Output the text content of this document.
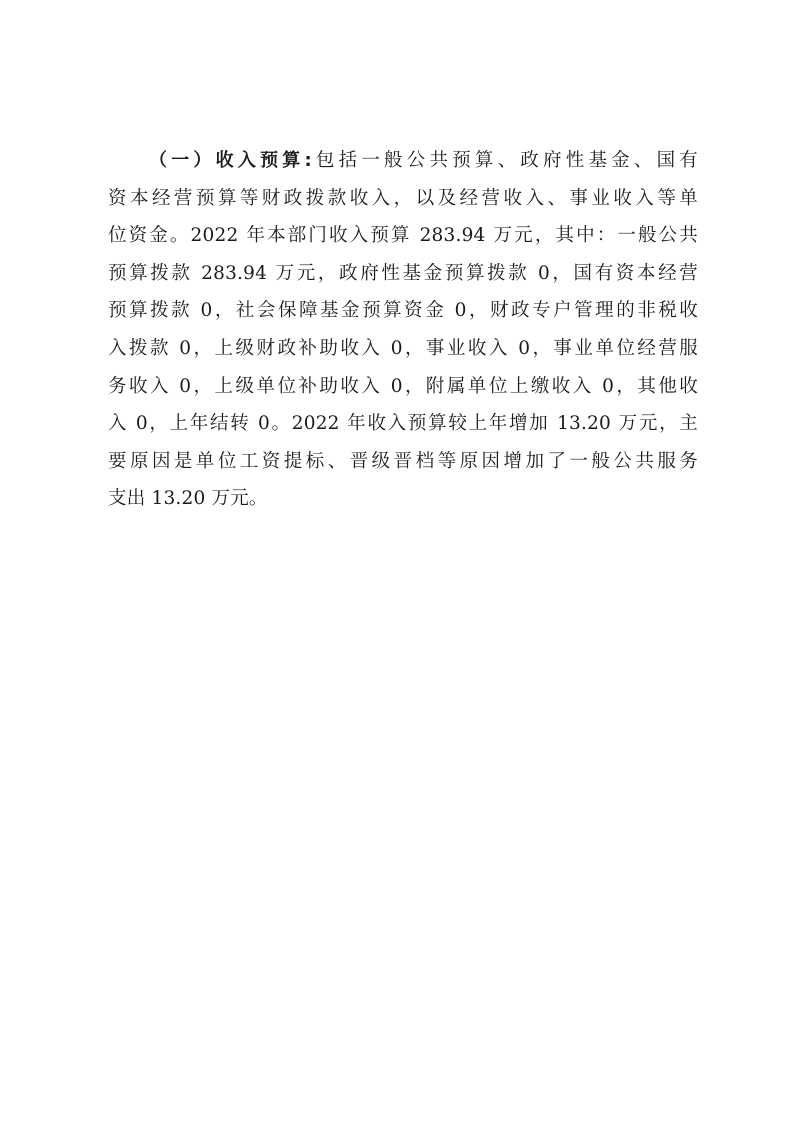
（一）收入预算:包括一般公共预算、政府性基金、国有
资本经营预算等财政拨款收入，以及经营收入、事业收入等单
位资金。2022 年本部门收入预算 283.94 万元，其中：一般公共
预算拨款 283.94 万元，政府性基金预算拨款 0，国有资本经营
预算拨款 0，社会保障基金预算资金 0，财政专户管理的非税收
入拨款 0，上级财政补助收入 0，事业收入 0，事业单位经营服
务收入 0，上级单位补助收入 0，附属单位上缴收入 0，其他收
入 0，上年结转 0。2022 年收入预算较上年增加 13.20 万元，主
要原因是单位工资提标、晋级晋档等原因增加了一般公共服务
支出 13.20 万元。
